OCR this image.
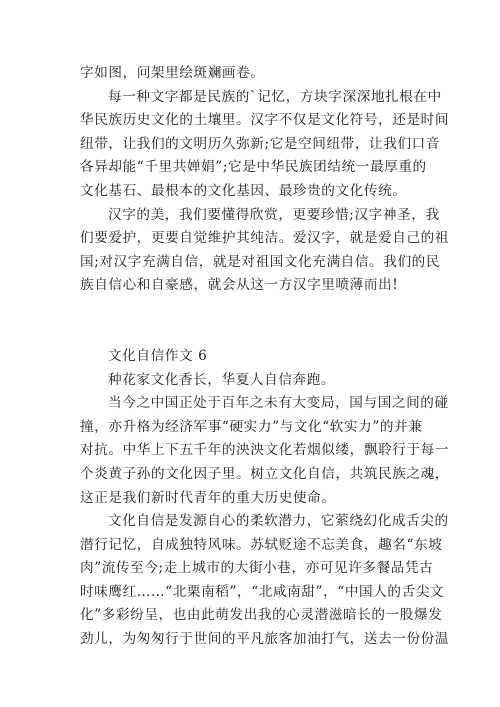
字如图，问架里绘斑斓画卷。
每一种文字都是民族的`记忆，方块字深深地扎根在中
华民族历史文化的土壤里。汉字不仅是文化符号，还是时间
纽带，让我们的文明历久弥新;它是空间纽带，让我们口音
各异却能“千里共婵娟”;它是中华民族团结统一最厚重的
文化基石、最根本的文化基因、最珍贵的文化传统。
汉字的美，我们要懂得欣赏，更要珍惜;汉字神圣，我
们要爱护，更要自觉维护其纯洁。爱汉字，就是爱自己的祖
国;对汉字充满自信，就是对祖国文化充满自信。我们的民
族自信心和自豪感，就会从这一方汉字里喷薄而出!

文化自信作文 6

种花家文化香长，华夏人自信奔跑。
当今之中国正处于百年之未有大变局，国与国之间的碰
撞，亦升格为经济军事“硬实力”与文化“软实力”的并兼
对抗。中华上下五千年的泱泱文化若烟似缕，飘聆行于每一
个炎黄子孙的文化因子里。树立文化自信，共筑民族之魂，
这正是我们新时代青年的重大历史使命。
文化自信是发源自心的柔软潜力，它萦绕幻化成舌尖的
潜行记忆，自成独特风味。苏轼贬途不忘美食，趣名“东坡
肉”流传至今;走上城市的大街小巷，亦可见许多餐品凭古
时味鹰红……“北栗南稻”，“北咸南甜”，“中国人的舌尖文
化”多彩纷呈，也由此萌发出我的心灵潜滋暗长的一股爆发
劲儿，为匆匆行于世间的平凡旅客加油打气，送去一份份温
